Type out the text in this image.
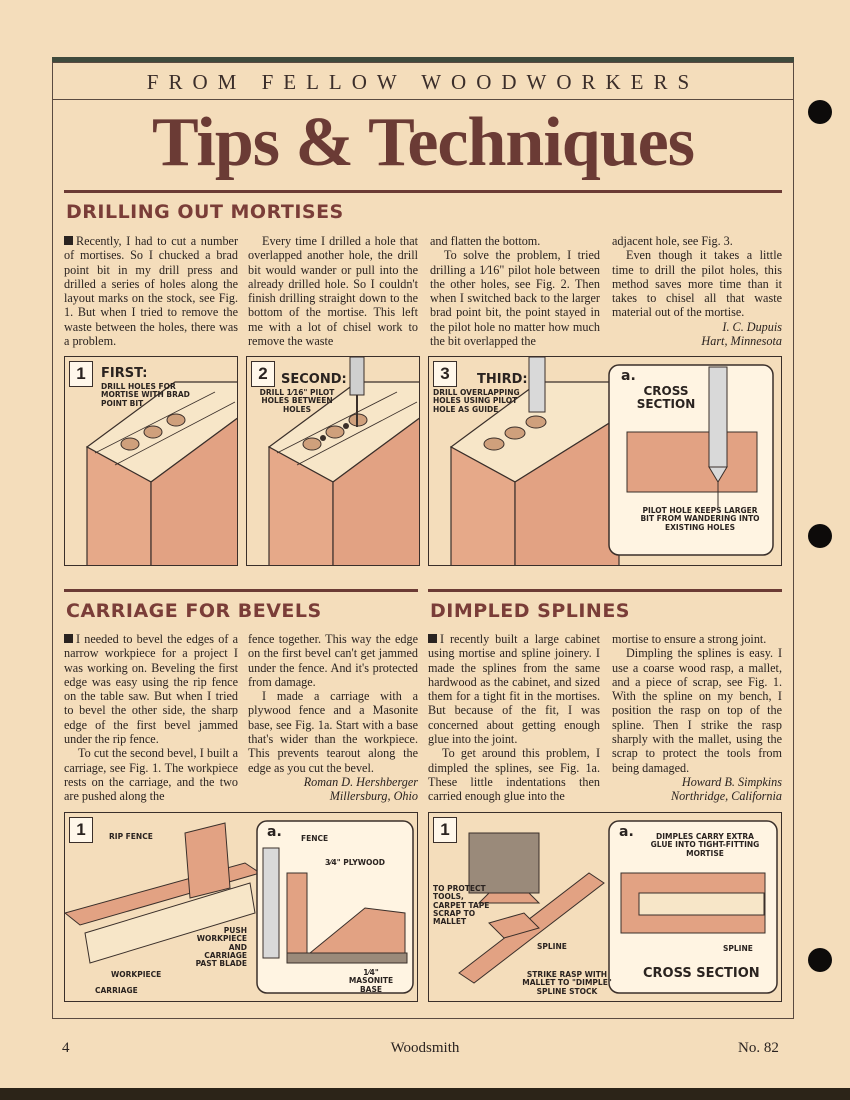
FROM FELLOW WOODWORKERS
Tips & Techniques
DRILLING OUT MORTISES

Recently, I had to cut a number of mortises. So I chucked a brad point bit in my drill press and drilled a series of holes along the layout marks on the stock, see Fig. 1. But when I tried to remove the waste between the holes, there was a problem.

Every time I drilled a hole that overlapped another hole, the drill bit would wander or pull into the already drilled hole. So I couldn't finish drilling straight down to the bottom of the mortise. This left me with a lot of chisel work to remove the waste

and flatten the bottom.

To solve the problem, I tried drilling a 1⁄16" pilot hole between the other holes, see Fig. 2. Then when I switched back to the larger brad point bit, the point stayed in the pilot hole no matter how much the bit overlapped the

adjacent hole, see Fig. 3.

Even though it takes a little time to drill the pilot holes, this method saves more time than it takes to chisel all that waste material out of the mortise.

I. C. Dupuis

Hart, Minnesota

1	FIRST:
DRILL HOLES FOR MORTISE WITH BRAD POINT BIT
2	SECOND:
DRILL 1⁄16" PILOT HOLES BETWEEN HOLES
3	THIRD:
DRILL OVERLAPPING HOLES USING PILOT HOLE AS GUIDE
a.
CROSS SECTION
PILOT HOLE KEEPS LARGER BIT FROM WANDERING INTO EXISTING HOLES
CARRIAGE FOR BEVELS

I needed to bevel the edges of a narrow workpiece for a project I was working on. Beveling the first edge was easy using the rip fence on the table saw. But when I tried to bevel the other side, the sharp edge of the first bevel jammed under the rip fence.

To cut the second bevel, I built a carriage, see Fig. 1. The workpiece rests on the carriage, and the two are pushed along the

fence together. This way the edge on the first bevel can't get jammed under the fence. And it's protected from damage.

I made a carriage with a plywood fence and a Masonite base, see Fig. 1a. Start with a base that's wider than the workpiece. This prevents tearout along the edge as you cut the bevel.

Roman D. Hershberger

Millersburg, Ohio

1	RIP FENCE
PUSH WORKPIECE AND CARRIAGE PAST BLADE
WORKPIECE
CARRIAGE
a.	FENCE
3⁄4" PLYWOOD
1⁄4" MASONITE BASE
DIMPLED SPLINES

I recently built a large cabinet using mortise and spline joinery. I made the splines from the same hardwood as the cabinet, and sized them for a tight fit in the mortises. But because of the fit, I was concerned about getting enough glue into the joint.

To get around this problem, I dimpled the splines, see Fig. 1a. These little indentations then carried enough glue into the

mortise to ensure a strong joint.

Dimpling the splines is easy. I use a coarse wood rasp, a mallet, and a piece of scrap, see Fig. 1. With the spline on my bench, I position the rasp on top of the spline. Then I strike the rasp sharply with the mallet, using the scrap to protect the tools from being damaged.

Howard B. Simpkins

Northridge, California

1
TO PROTECT TOOLS, CARPET TAPE SCRAP TO MALLET
SPLINE
STRIKE RASP WITH MALLET TO "DIMPLE" SPLINE STOCK
a.	DIMPLES CARRY EXTRA GLUE INTO TIGHT-FITTING MORTISE
SPLINE
CROSS SECTION
4	Woodsmith	No. 82
